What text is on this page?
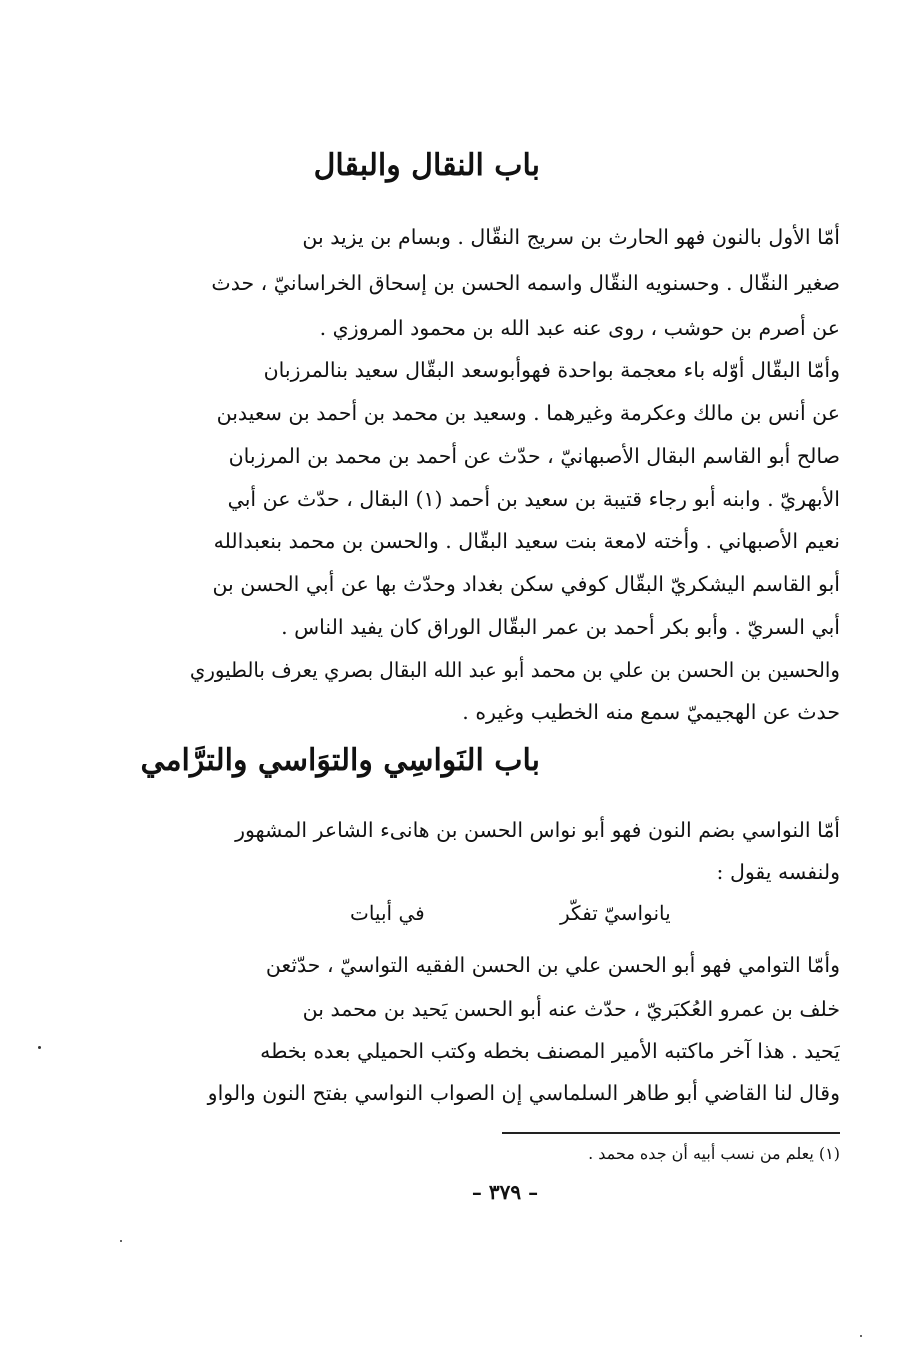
باب النقال والبقال
أمّا الأول بالنون فهو الحارث بن سريج النقّال . وبسام بن يزيد بن
صغير النقّال . وحسنويه النقّال واسمه الحسن بن إسحاق الخراسانيّ ، حدث
عن أصرم بن حوشب ، روى عنه عبد الله بن محمود المروزي .
وأمّا البقّال أوّله باء معجمة بواحدة فهوأبوسعد البقّال سعيد بنالمرزبان
عن أنس بن مالك وعكرمة وغيرهما . وسعيد بن محمد بن أحمد بن سعيدبن
صالح أبو القاسم البقال الأصبهانيّ ، حدّث عن أحمد بن محمد بن المرزبان
الأبهريّ . وابنه أبو رجاء قتيبة بن سعيد بن أحمد (١) البقال ، حدّث عن أبي
نعيم الأصبهاني . وأخته لامعة بنت سعيد البقّال . والحسن بن محمد بنعبدالله
أبو القاسم اليشكريّ البقّال كوفي سكن بغداد وحدّث بها عن أبي الحسن بن
أبي السريّ . وأبو بكر أحمد بن عمر البقّال الوراق كان يفيد الناس .
والحسين بن الحسن بن علي بن محمد أبو عبد الله البقال بصري يعرف بالطيوري
حدث عن الهجيميّ سمع منه الخطيب وغيره .
باب النَواسِي والتوَاسي والترَّامي
أمّا النواسي بضم النون فهو أبو نواس الحسن بن هانىء الشاعر المشهور
ولنفسه يقول :
يانواسيّ تفكّر
في أبيات
وأمّا التوامي فهو أبو الحسن علي بن الحسن الفقيه التواسيّ ، حدّثعن
خلف بن عمرو العُكبَريّ ، حدّث عنه أبو الحسن يَحيد بن محمد بن
يَحيد . هذا آخر ماكتبه الأمير المصنف بخطه وكتب الحميلي بعده بخطه
وقال لنا القاضي أبو طاهر السلماسي إن الصواب النواسي بفتح النون والواو
(١) يعلم من نسب أبيه أن جده محمد .
– ٣٧٩ –
